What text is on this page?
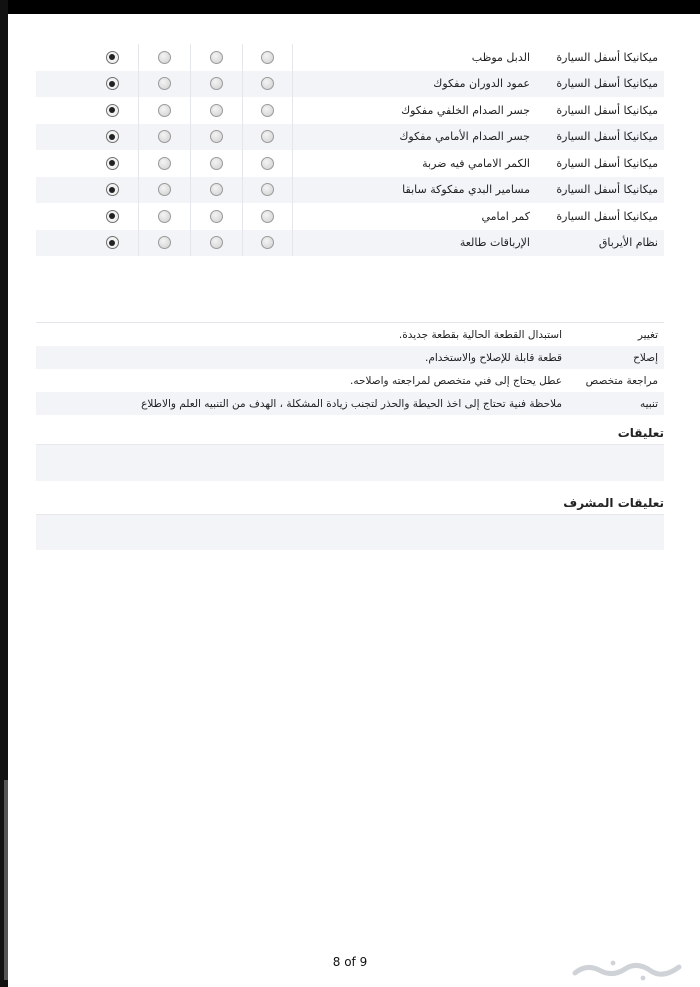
ميكانيكا أسفل السيارة
الدبل موظب
ميكانيكا أسفل السيارة
عمود الدوران مفكوك
ميكانيكا أسفل السيارة
جسر الصدام الخلفي مفكوك
ميكانيكا أسفل السيارة
جسر الصدام الأمامي مفكوك
ميكانيكا أسفل السيارة
الكمر الامامي فيه ضربة
ميكانيكا أسفل السيارة
مسامير البدي مفكوكة سابقا
ميكانيكا أسفل السيارة
كمر امامي
نظام الأيرباق
الإرباقات طالعة
تغيير
استبدال القطعة الحالية بقطعة جديدة.
إصلاح
قطعة قابلة للإصلاح والاستخدام.
مراجعة متخصص
عطل يحتاج إلى فني متخصص لمراجعته واصلاحه.
تنبيه
ملاحظة فنية تحتاج إلى اخذ الحيطة والحذر لتجنب زيادة المشكلة ، الهدف من التنبيه العلم والاطلاع
تعليقات
تعليقات المشرف
8 of 9
